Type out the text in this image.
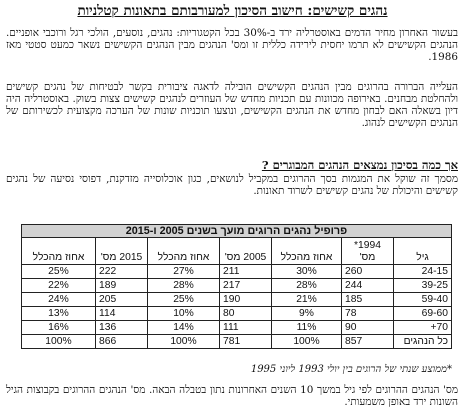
נהגים קשישים: חישוב הסיכון למעורבותם בתאונות קטלניות
בעשור האחרון מחיר הדמים באוסטרליה ירד ב-30% בכל הקטגוריות: נהגים, נוסעים, הולכי רגל ורוכבי אופניים. הנהגים הקשישים לא תרמו יחסית לירידה כללית זו ומס' הנהגים מבין הנהגים הקשישים נשאר כמעט סטטי מאז 1986.
העלייה הברורה בהרוגים מבין הנהגים הקשישים הובילה לדאגה ציבורית בקשר לבטיחות של נהגים קשישים ולהחלטת מבחנים. באירופה מכוונות עם תכניות מחדש של העוזרים לנהגים קשישים צצות בשוק. באוסטרליה היה דיון בשאלה האם לבחון מחדש את הנהגים הקשישים, ונוצעו תוכניות שונות של הערכה מקצועית לכשירותם של הנהגים הקשישים לנהוג.
אך כמה בסיכון נמצאים הנהגים המבוגרים ?
מסמך זה שוקל את המגמות בסך ההרוגים במקביל לנושאים, כגון אוכלוסייה מזדקנת, דפוסי נסיעה של נהגים קשישים והיכולת של נהגים קשישים לשרוד תאונות.
פרופיל נהגים הרוגים מועך בשנים 2005 ו-2015						
גיל	1994* מס'	אחוז מהכלל	2005 מס'	אחוז מהכלל	2015 מס'	אחוז מהכלל
24-15	260	30%	211	27%	222	25%
39-25	244	28%	217	28%	189	22%
59-40	185	21%	190	25%	205	24%
69-60	78	9%	80	10%	114	13%
70+	90	11%	111	14%	136	16%
כל הנהגים	857	100%	781	100%	866	100%
*ממוצע שנתי של הרוגים בין יולי 1993 ליוני 1995
מס' הנהגים ההרוגים לפי גיל במשך 10 השנים האחרונות נתון בטבלה הבאה. מס' הנהגים ההרוגים בקבוצות הגיל השונות ירד באופן משמעותי.
